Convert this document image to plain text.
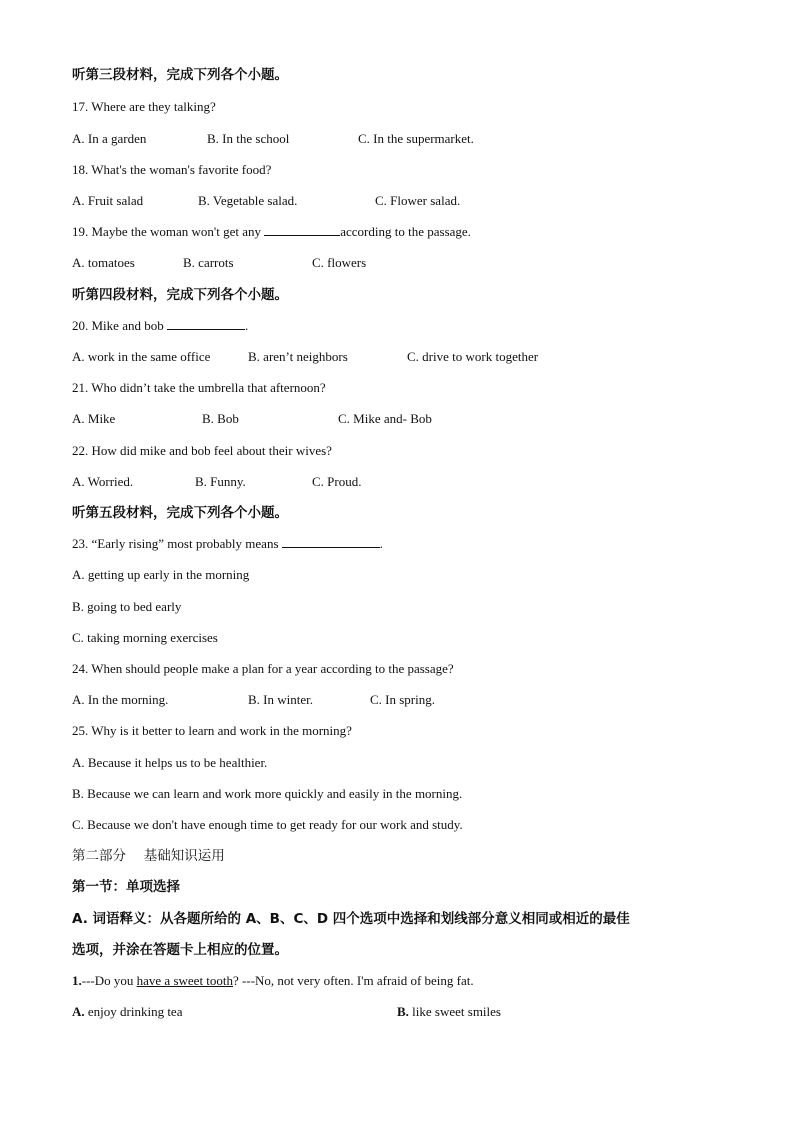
听第三段材料，完成下列各个小题。
17. Where are they talking?
A. In a garden	B. In the school	C. In the supermarket.
18. What's the woman's favorite food?
A. Fruit salad	B. Vegetable salad.	C. Flower salad.
19. Maybe the woman won't get any	according to the passage.
A. tomatoes	B. carrots	C. flowers
听第四段材料，完成下列各个小题。
20. Mike and bob	.
A. work in the same office	B. aren’t neighbors	C. drive to work together
21. Who didn’t take the umbrella that afternoon?
A. Mike	B. Bob	C. Mike and- Bob
22. How did mike and bob feel about their wives?
A. Worried.	B. Funny.	C. Proud.
听第五段材料，完成下列各个小题。
23. “Early rising” most probably means	.
A. getting up early in the morning
B. going to bed early
C. taking morning exercises
24. When should people make a plan for a year according to the passage?
A. In the morning.	B. In winter.	C. In spring.
25. Why is it better to learn and work in the morning?
A. Because it helps us to be healthier.
B. Because we can learn and work more quickly and easily in the morning.
C. Because we don't have enough time to get ready for our work and study.
第二部分　 基础知识运用
第一节：单项选择
A. 词语释义：从各题所给的 A、B、C、D 四个选项中选择和划线部分意义相同或相近的最佳
选项，并涂在答题卡上相应的位置。
1.---Do you have a sweet tooth? ---No, not very often. I'm afraid of being fat.
A. enjoy drinking tea	B. like sweet smiles
